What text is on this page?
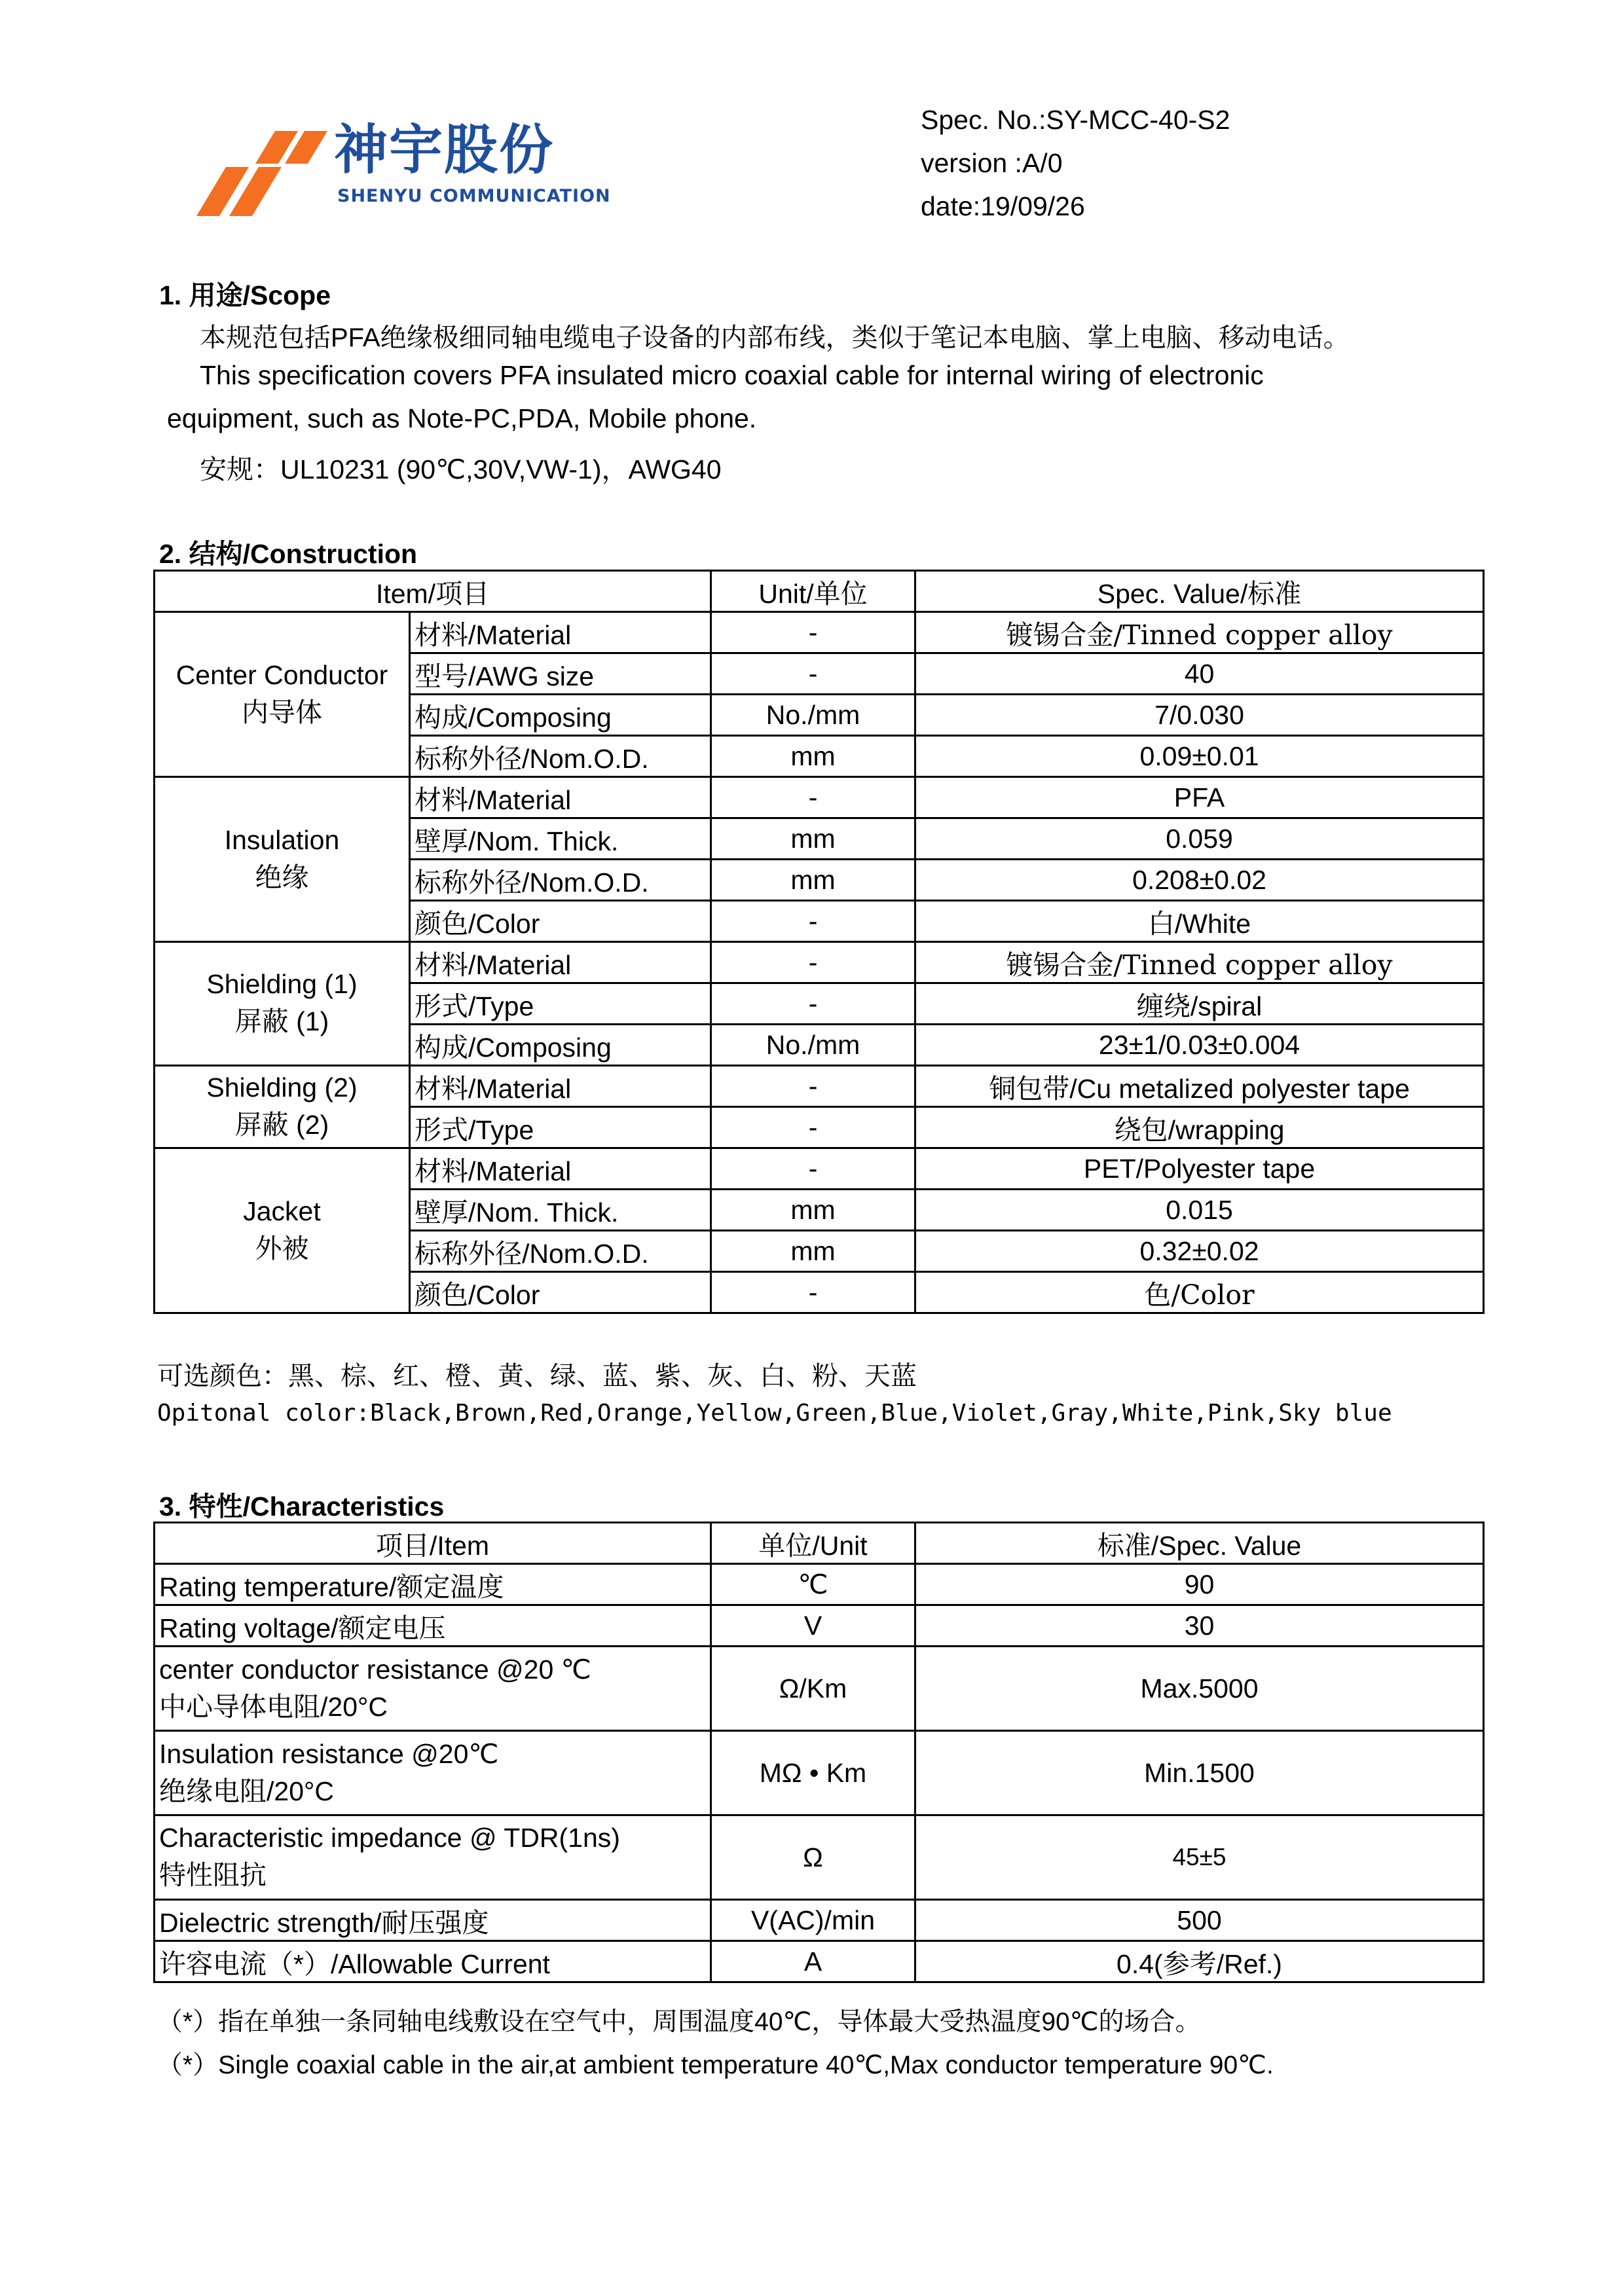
神宇股份
SHENYU COMMUNICATION
Spec. No.:SY-MCC-40-S2
version :A/0
date:19/09/26
1. 用途/Scope
本规范包括PFA绝缘极细同轴电缆电子设备的内部布线，类似于笔记本电脑、掌上电脑、移动电话。
This specification covers PFA insulated micro coaxial cable for internal wiring of electronic
equipment, such as Note-PC,PDA, Mobile phone.
安规：UL10231 (90℃,30V,VW-1)，AWG40
2. 结构/Construction
Item/项目		Unit/单位	Spec. Value/标准

Center Conductor
内导体	材料/Material	-	镀锡合金/Tinned copper alloy
	型号/AWG size	-	40
	构成/Composing	No./mm	7/0.030
	标称外径/Nom.O.D.	mm	0.09±0.01

Insulation
绝缘	材料/Material	-	PFA
	壁厚/Nom. Thick.	mm	0.059
	标称外径/Nom.O.D.	mm	0.208±0.02
	颜色/Color	-	白/White

Shielding (1)
屏蔽 (1)	材料/Material	-	镀锡合金/Tinned copper alloy
	形式/Type	-	缠绕/spiral
	构成/Composing	No./mm	23±1/0.03±0.004

Shielding (2)
屏蔽 (2)	材料/Material	-	铜包带/Cu metalized polyester tape
	形式/Type	-	绕包/wrapping

Jacket
外被	材料/Material	-	PET/Polyester tape
	壁厚/Nom. Thick.	mm	0.015
	标称外径/Nom.O.D.	mm	0.32±0.02
	颜色/Color	-	色/Color
可选颜色：黑、棕、红、橙、黄、绿、蓝、紫、灰、白、粉、天蓝
Opitonal color:Black,Brown,Red,Orange,Yellow,Green,Blue,Violet,Gray,White,Pink,Sky blue
3. 特性/Characteristics
项目/Item	单位/Unit	标准/Spec. Value
Rating temperature/额定温度	℃	90
Rating voltage/额定电压	V	30

center conductor resistance @20 ℃
中心导体电阻/20°C	Ω/Km	Max.5000

Insulation resistance @20℃
绝缘电阻/20°C	MΩ • Km	Min.1500

Characteristic impedance @ TDR(1ns)
特性阻抗	Ω	45±5
Dielectric strength/耐压强度	V(AC)/min	500
许容电流（*）/Allowable Current	A	0.4(参考/Ref.)
（*）指在单独一条同轴电线敷设在空气中，周围温度40℃，导体最大受热温度90℃的场合。
（*）Single coaxial cable in the air,at ambient temperature 40℃,Max conductor temperature 90℃.
